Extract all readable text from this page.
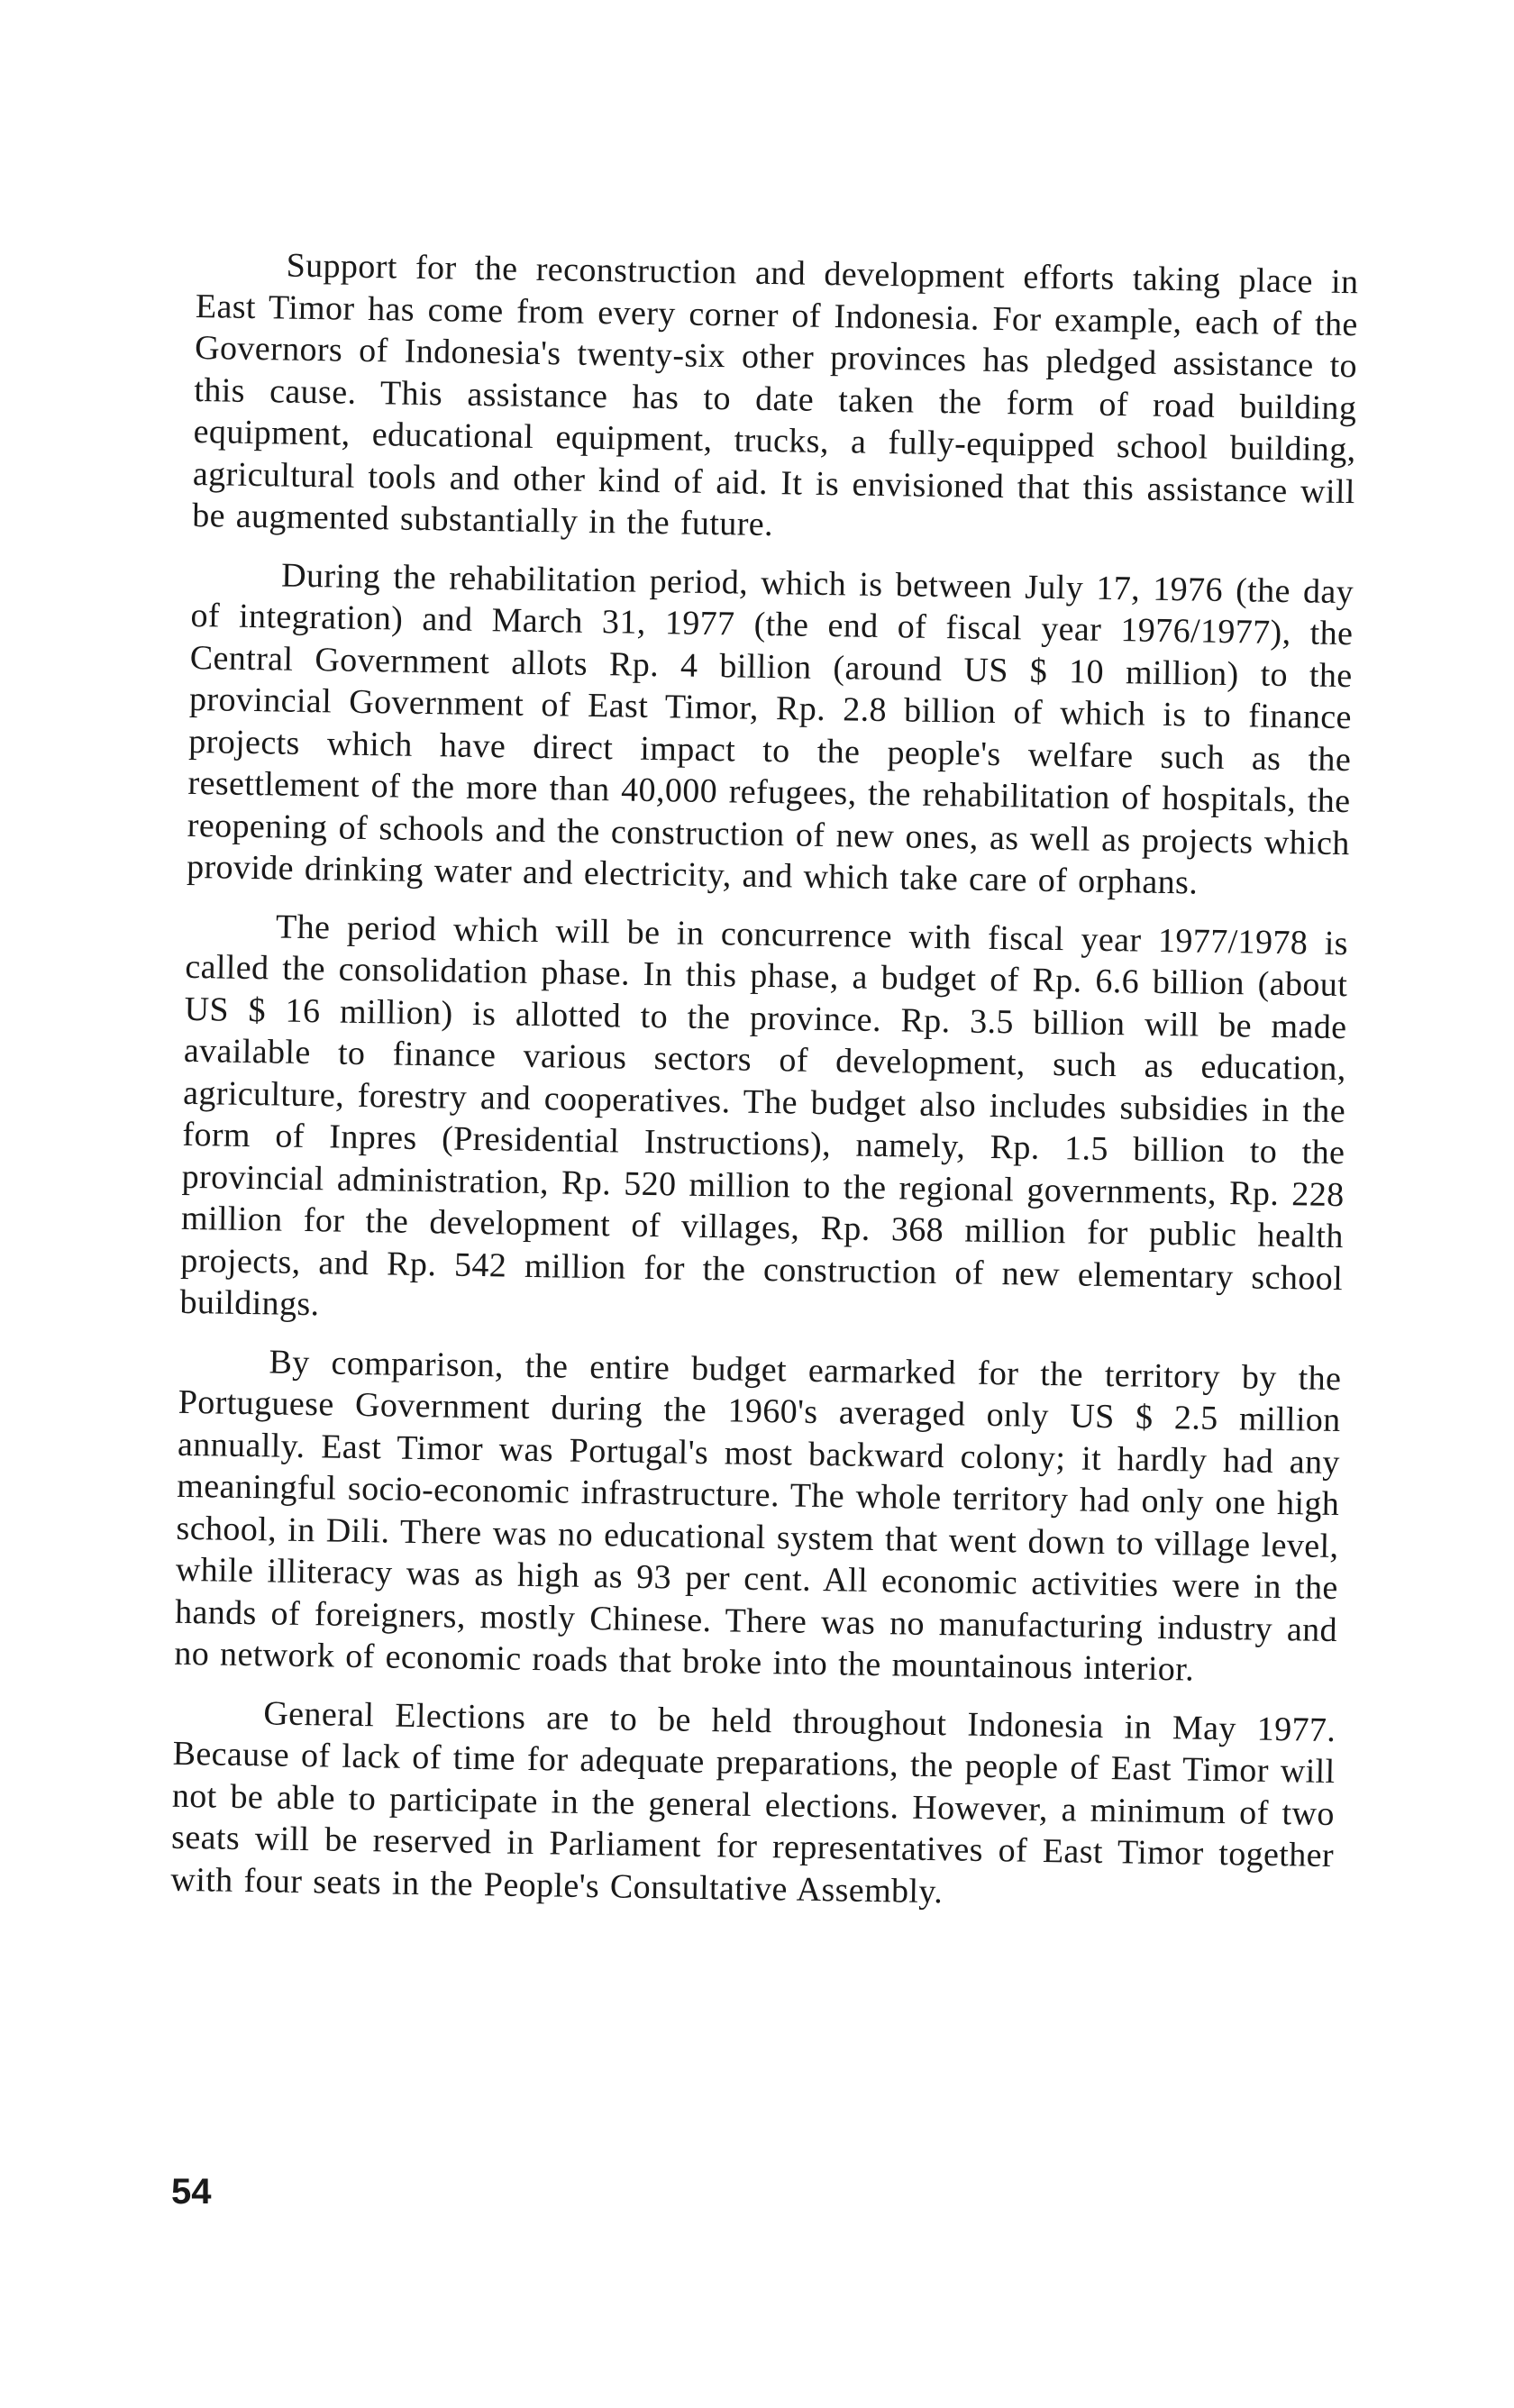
Support for the reconstruction and development efforts taking place in East Timor has come from every corner of Indonesia. For example, each of the Governors of Indonesia's twenty-six other provinces has pledged assistance to this cause. This assistance has to date taken the form of road building equipment, educational equipment, trucks, a fully-equipped school building, agricultural tools and other kind of aid. It is envisioned that this assistance will be augmented substantially in the future.

During the rehabilitation period, which is between July 17, 1976 (the day of integration) and March 31, 1977 (the end of fiscal year 1976/1977), the Central Government allots Rp. 4 billion (around US $ 10 million) to the provincial Government of East Timor, Rp. 2.8 billion of which is to finance projects which have direct impact to the people's welfare such as the resettlement of the more than 40,000 refugees, the rehabilitation of hospitals, the reopening of schools and the construction of new ones, as well as projects which provide drinking water and electricity, and which take care of orphans.

The period which will be in concurrence with fiscal year 1977/1978 is called the consolidation phase. In this phase, a budget of Rp. 6.6 billion (about US $ 16 million) is allotted to the province. Rp. 3.5 billion will be made available to finance various sectors of development, such as education, agriculture, forestry and cooperatives. The budget also includes subsidies in the form of Inpres (Presidential Instructions), namely, Rp. 1.5 billion to the provincial administration, Rp. 520 million to the regional governments, Rp. 228 million for the development of villages, Rp. 368 million for public health projects, and Rp. 542 million for the construction of new elementary school buildings.

By comparison, the entire budget earmarked for the territory by the Portuguese Government during the 1960's averaged only US $ 2.5 million annually. East Timor was Portugal's most backward colony; it hardly had any meaningful socio-economic infrastructure. The whole territory had only one high school, in Dili. There was no educational system that went down to village level, while illiteracy was as high as 93 per cent. All economic activities were in the hands of foreigners, mostly Chinese. There was no manufacturing industry and no network of economic roads that broke into the mountainous interior.

General Elections are to be held throughout Indonesia in May 1977. Because of lack of time for adequate preparations, the people of East Timor will not be able to participate in the general elections. However, a minimum of two seats will be reserved in Parliament for representatives of East Timor together with four seats in the People's Consultative Assembly.

54
